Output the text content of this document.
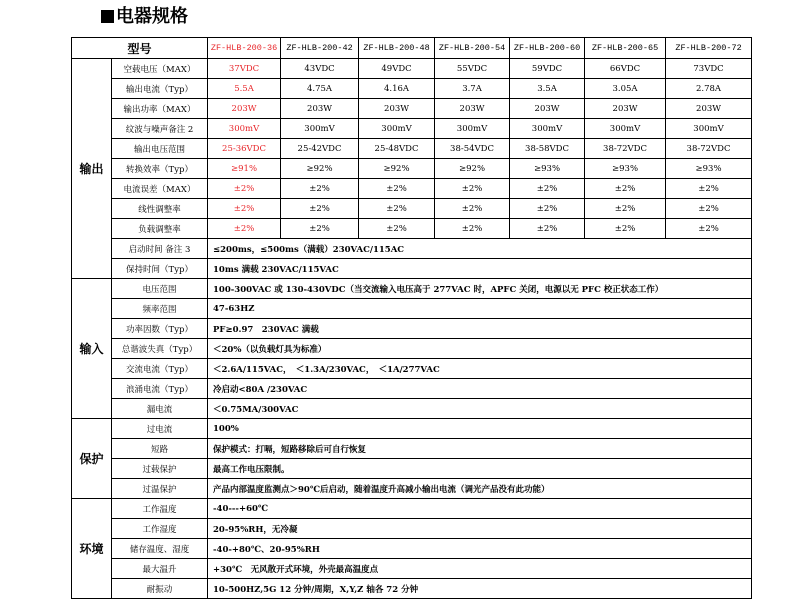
电器规格
型号		ZF-HLB-200-36	ZF-HLB-200-42	ZF-HLB-200-48	ZF-HLB-200-54	ZF-HLB-200-60	ZF-HLB-200-65	ZF-HLB-200-72
输出	空载电压（MAX）	37VDC	43VDC	49VDC	55VDC	59VDC	66VDC	73VDC
	输出电流（Typ）	5.5A	4.75A	4.16A	3.7A	3.5A	3.05A	2.78A
	输出功率（MAX）	203W	203W	203W	203W	203W	203W	203W
	纹波与噪声备注 2	300mV	300mV	300mV	300mV	300mV	300mV	300mV
	输出电压范围	25-36VDC	25-42VDC	25-48VDC	38-54VDC	38-58VDC	38-72VDC	38-72VDC
	转换效率（Typ）	≥91%	≥92%	≥92%	≥92%	≥93%	≥93%	≥93%
	电流误差（MAX）	±2%	±2%	±2%	±2%	±2%	±2%	±2%
	线性调整率	±2%	±2%	±2%	±2%	±2%	±2%	±2%
	负载调整率	±2%	±2%	±2%	±2%	±2%	±2%	±2%
	启动时间 备注 3	≤200ms，≤500ms（满载）230VAC/115AC						
	保持时间（Typ）	10ms 满载 230VAC/115VAC						
输入	电压范围	100-300VAC 或 130-430VDC（当交流输入电压高于 277VAC 时，APFC 关闭，电源以无 PFC 校正状态工作）						
	频率范围	47-63HZ						
	功率因数（Typ）	PF≥0.97　230VAC 满载						
	总谐波失真（Typ）	＜20%（以负载灯具为标准）						
	交流电流（Typ）	＜2.6A/115VAC，　＜1.3A/230VAC，　＜1A/277VAC						
	浪涌电流（Typ）	冷启动<80A /230VAC						
	漏电流	＜0.75MA/300VAC						
保护	过电流	100%						
	短路	保护模式：打嗝，短路移除后可自行恢复						
	过载保护	最高工作电压限制。						
	过温保护	产品内部温度监测点＞90℃后启动，随着温度升高减小输出电流（调光产品没有此功能）						
环境	工作温度	-40---+60℃						
	工作湿度	20-95%RH，无冷凝						
	储存温度、湿度	-40-+80℃、20-95%RH						
	最大温升	+30℃　无风散开式环境，外壳最高温度点						
	耐振动	10-500HZ,5G 12 分钟/周期，X,Y,Z 轴各 72 分钟						
